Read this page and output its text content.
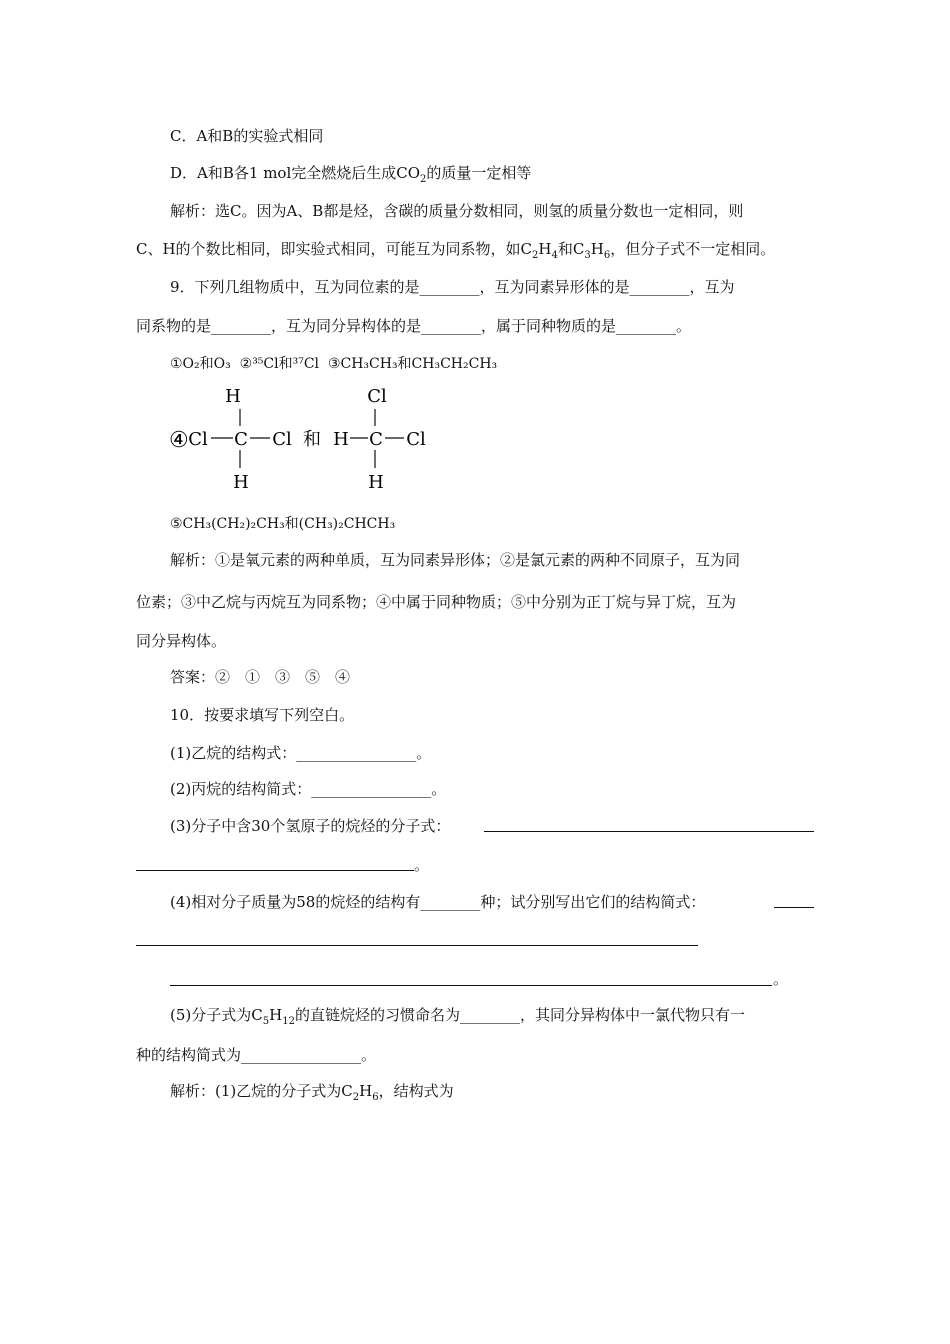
C．A和B的实验式相同
D．A和B各1 mol完全燃烧后生成$CO_2$的质量一定相等
解析：选C。因为A、B都是烃，含碳的质量分数相同，则氢的质量分数也一定相同，则
C、H的个数比相同，即实验式相同，可能互为同系物，如$C_2H_4$和$C_3H_6$，但分子式不一定相同。
9．下列几组物质中，互为同位素的是________，互为同素异形体的是________，互为
同系物的是________，互为同分异构体的是________，属于同种物质的是________。
①O₂和O₃ ②³⁵Cl和³⁷Cl ③CH₃CH₃和CH₃CH₂CH₃
④
H
Cl C Cl
H
和
Cl
H C Cl
H
⑤CH₃(CH₂)₂CH₃和(CH₃)₂CHCH₃
解析：①是氧元素的两种单质，互为同素异形体；②是氯元素的两种不同原子，互为同
位素；③中乙烷与丙烷互为同系物；④中属于同种物质；⑤中分别为正丁烷与异丁烷，互为
同分异构体。
答案：②　①　③　⑤　④
10．按要求填写下列空白。
(1)乙烷的结构式：________________。
(2)丙烷的结构简式：________________。
(3)分子中含30个氢原子的烷烃的分子式：
。
(4)相对分子质量为58的烷烃的结构有________种；试分别写出它们的结构简式：
。
(5)分子式为$C_5H_{12}$的直链烷烃的习惯命名为________，其同分异构体中一氯代物只有一
种的结构简式为________________。
解析：(1)乙烷的分子式为$C_2H_6$，结构式为
